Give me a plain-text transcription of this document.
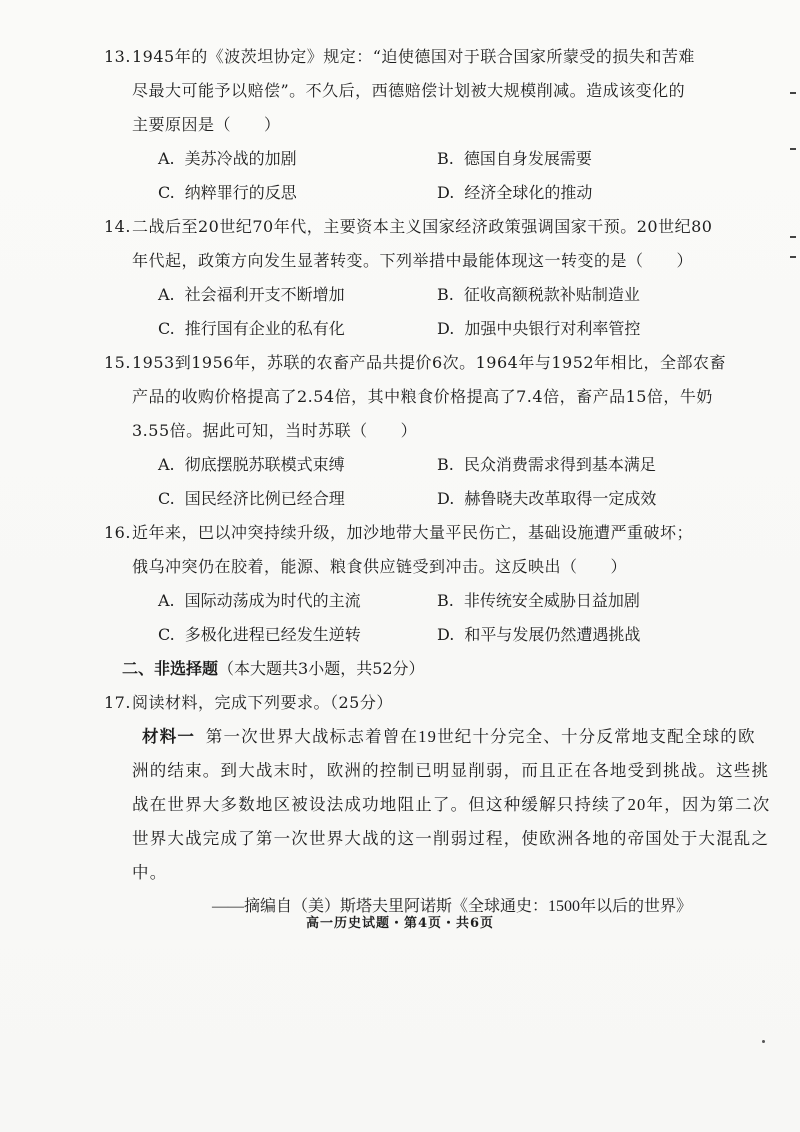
13.1945年的《波茨坦协定》规定：“迫使德国对于联合国家所蒙受的损失和苦难
尽最大可能予以赔偿”。不久后，西德赔偿计划被大规模削减。造成该变化的
主要原因是（　　）
A. 美苏冷战的加剧	B. 德国自身发展需要
C. 纳粹罪行的反思	D. 经济全球化的推动
14.二战后至20世纪70年代，主要资本主义国家经济政策强调国家干预。20世纪80
年代起，政策方向发生显著转变。下列举措中最能体现这一转变的是（　　）
A. 社会福利开支不断增加	B. 征收高额税款补贴制造业
C. 推行国有企业的私有化	D. 加强中央银行对利率管控
15.1953到1956年，苏联的农畜产品共提价6次。1964年与1952年相比，全部农畜
产品的收购价格提高了2.54倍，其中粮食价格提高了7.4倍，畜产品15倍，牛奶
3.55倍。据此可知，当时苏联（　　）
A. 彻底摆脱苏联模式束缚	B. 民众消费需求得到基本满足
C. 国民经济比例已经合理	D. 赫鲁晓夫改革取得一定成效
16.近年来，巴以冲突持续升级，加沙地带大量平民伤亡，基础设施遭严重破坏；
俄乌冲突仍在胶着，能源、粮食供应链受到冲击。这反映出（　　）
A. 国际动荡成为时代的主流	B. 非传统安全威胁日益加剧
C. 多极化进程已经发生逆转	D. 和平与发展仍然遭遇挑战
二、非选择题（本大题共3小题，共52分）
17.阅读材料，完成下列要求。（25分）
材料一 第一次世界大战标志着曾在19世纪十分完全、十分反常地支配全球的欧
洲的结束。到大战末时，欧洲的控制已明显削弱，而且正在各地受到挑战。这些挑
战在世界大多数地区被设法成功地阻止了。但这种缓解只持续了20年，因为第二次
世界大战完成了第一次世界大战的这一削弱过程，使欧洲各地的帝国处于大混乱之
中。
——摘编自（美）斯塔夫里阿诺斯《全球通史：1500年以后的世界》
高一历史试题・第4页・共6页
